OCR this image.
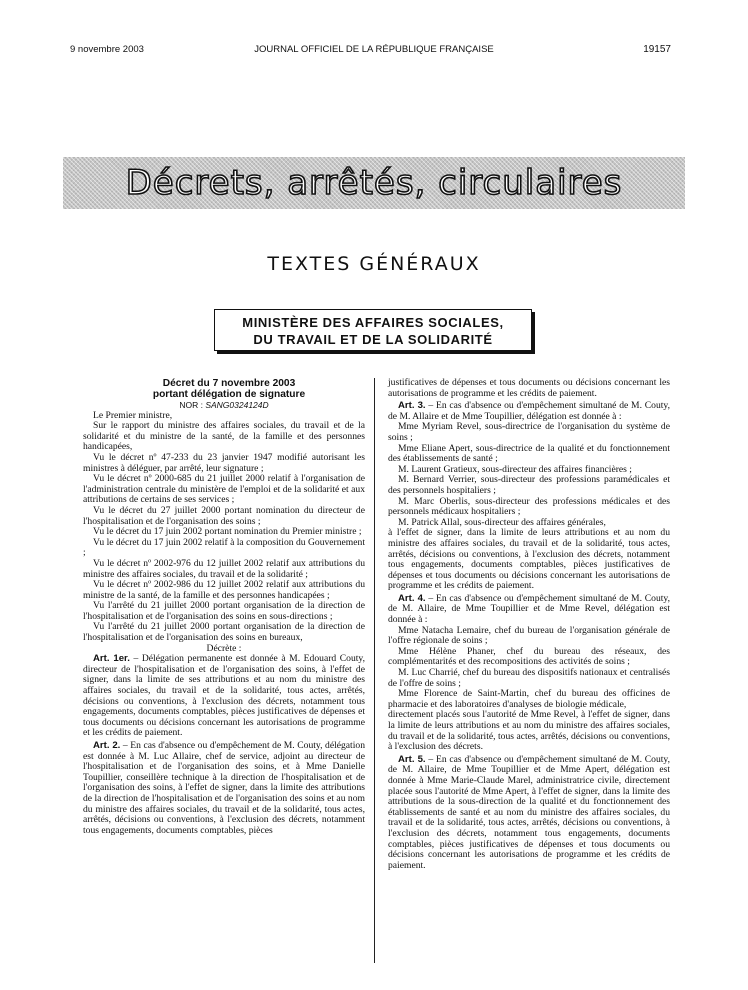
9 novembre 2003	JOURNAL OFFICIEL DE LA RÉPUBLIQUE FRANÇAISE	19157
Décrets, arrêtés, circulaires
TEXTES GÉNÉRAUX
MINISTÈRE DES AFFAIRES SOCIALES,
DU TRAVAIL ET DE LA SOLIDARITÉ

Décret du 7 novembre 2003

portant délégation de signature

NOR : SANG0324124D

Le Premier ministre,

Sur le rapport du ministre des affaires sociales, du travail et de la solidarité et du ministre de la santé, de la famille et des personnes handicapées,

Vu le décret nº 47-233 du 23 janvier 1947 modifié autorisant les ministres à déléguer, par arrêté, leur signature ;

Vu le décret nº 2000-685 du 21 juillet 2000 relatif à l'organisation de l'administration centrale du ministère de l'emploi et de la solidarité et aux attributions de certains de ses services ;

Vu le décret du 27 juillet 2000 portant nomination du directeur de l'hospitalisation et de l'organisation des soins ;

Vu le décret du 17 juin 2002 portant nomination du Premier ministre ;

Vu le décret du 17 juin 2002 relatif à la composition du Gouvernement ;

Vu le décret nº 2002-976 du 12 juillet 2002 relatif aux attributions du ministre des affaires sociales, du travail et de la solidarité ;

Vu le décret nº 2002-986 du 12 juillet 2002 relatif aux attributions du ministre de la santé, de la famille et des personnes handicapées ;

Vu l'arrêté du 21 juillet 2000 portant organisation de la direction de l'hospitalisation et de l'organisation des soins en sous-directions ;

Vu l'arrêté du 21 juillet 2000 portant organisation de la direction de l'hospitalisation et de l'organisation des soins en bureaux,

Décrète :

Art. 1er. – Délégation permanente est donnée à M. Edouard Couty, directeur de l'hospitalisation et de l'organisation des soins, à l'effet de signer, dans la limite de ses attributions et au nom du ministre des affaires sociales, du travail et de la solidarité, tous actes, arrêtés, décisions ou conventions, à l'exclusion des décrets, notamment tous engagements, documents comptables, pièces justificatives de dépenses et tous documents ou décisions concernant les autorisations de programme et les crédits de paiement.

Art. 2. – En cas d'absence ou d'empêchement de M. Couty, délégation est donnée à M. Luc Allaire, chef de service, adjoint au directeur de l'hospitalisation et de l'organisation des soins, et à Mme Danielle Toupillier, conseillère technique à la direction de l'hospitalisation et de l'organisation des soins, à l'effet de signer, dans la limite des attributions de la direction de l'hospitalisation et de l'organisation des soins et au nom du ministre des affaires sociales, du travail et de la solidarité, tous actes, arrêtés, décisions ou conventions, à l'exclusion des décrets, notamment tous engagements, documents comptables, pièces

justificatives de dépenses et tous documents ou décisions concernant les autorisations de programme et les crédits de paiement.

Art. 3. – En cas d'absence ou d'empêchement simultané de M. Couty, de M. Allaire et de Mme Toupillier, délégation est donnée à :

Mme Myriam Revel, sous-directrice de l'organisation du système de soins ;

Mme Eliane Apert, sous-directrice de la qualité et du fonctionnement des établissements de santé ;

M. Laurent Gratieux, sous-directeur des affaires financières ;

M. Bernard Verrier, sous-directeur des professions paramédicales et des personnels hospitaliers ;

M. Marc Oberlis, sous-directeur des professions médicales et des personnels médicaux hospitaliers ;

M. Patrick Allal, sous-directeur des affaires générales,

à l'effet de signer, dans la limite de leurs attributions et au nom du ministre des affaires sociales, du travail et de la solidarité, tous actes, arrêtés, décisions ou conventions, à l'exclusion des décrets, notamment tous engagements, documents comptables, pièces justificatives de dépenses et tous documents ou décisions concernant les autorisations de programme et les crédits de paiement.

Art. 4. – En cas d'absence ou d'empêchement simultané de M. Couty, de M. Allaire, de Mme Toupillier et de Mme Revel, délégation est donnée à :

Mme Natacha Lemaire, chef du bureau de l'organisation générale de l'offre régionale de soins ;

Mme Hélène Phaner, chef du bureau des réseaux, des complémentarités et des recompositions des activités de soins ;

M. Luc Charrié, chef du bureau des dispositifs nationaux et centralisés de l'offre de soins ;

Mme Florence de Saint-Martin, chef du bureau des officines de pharmacie et des laboratoires d'analyses de biologie médicale,

directement placés sous l'autorité de Mme Revel, à l'effet de signer, dans la limite de leurs attributions et au nom du ministre des affaires sociales, du travail et de la solidarité, tous actes, arrêtés, décisions ou conventions, à l'exclusion des décrets.

Art. 5. – En cas d'absence ou d'empêchement simultané de M. Couty, de M. Allaire, de Mme Toupillier et de Mme Apert, délégation est donnée à Mme Marie-Claude Marel, administratrice civile, directement placée sous l'autorité de Mme Apert, à l'effet de signer, dans la limite des attributions de la sous-direction de la qualité et du fonctionnement des établissements de santé et au nom du ministre des affaires sociales, du travail et de la solidarité, tous actes, arrêtés, décisions ou conventions, à l'exclusion des décrets, notamment tous engagements, documents comptables, pièces justificatives de dépenses et tous documents ou décisions concernant les autorisations de programme et les crédits de paiement.
